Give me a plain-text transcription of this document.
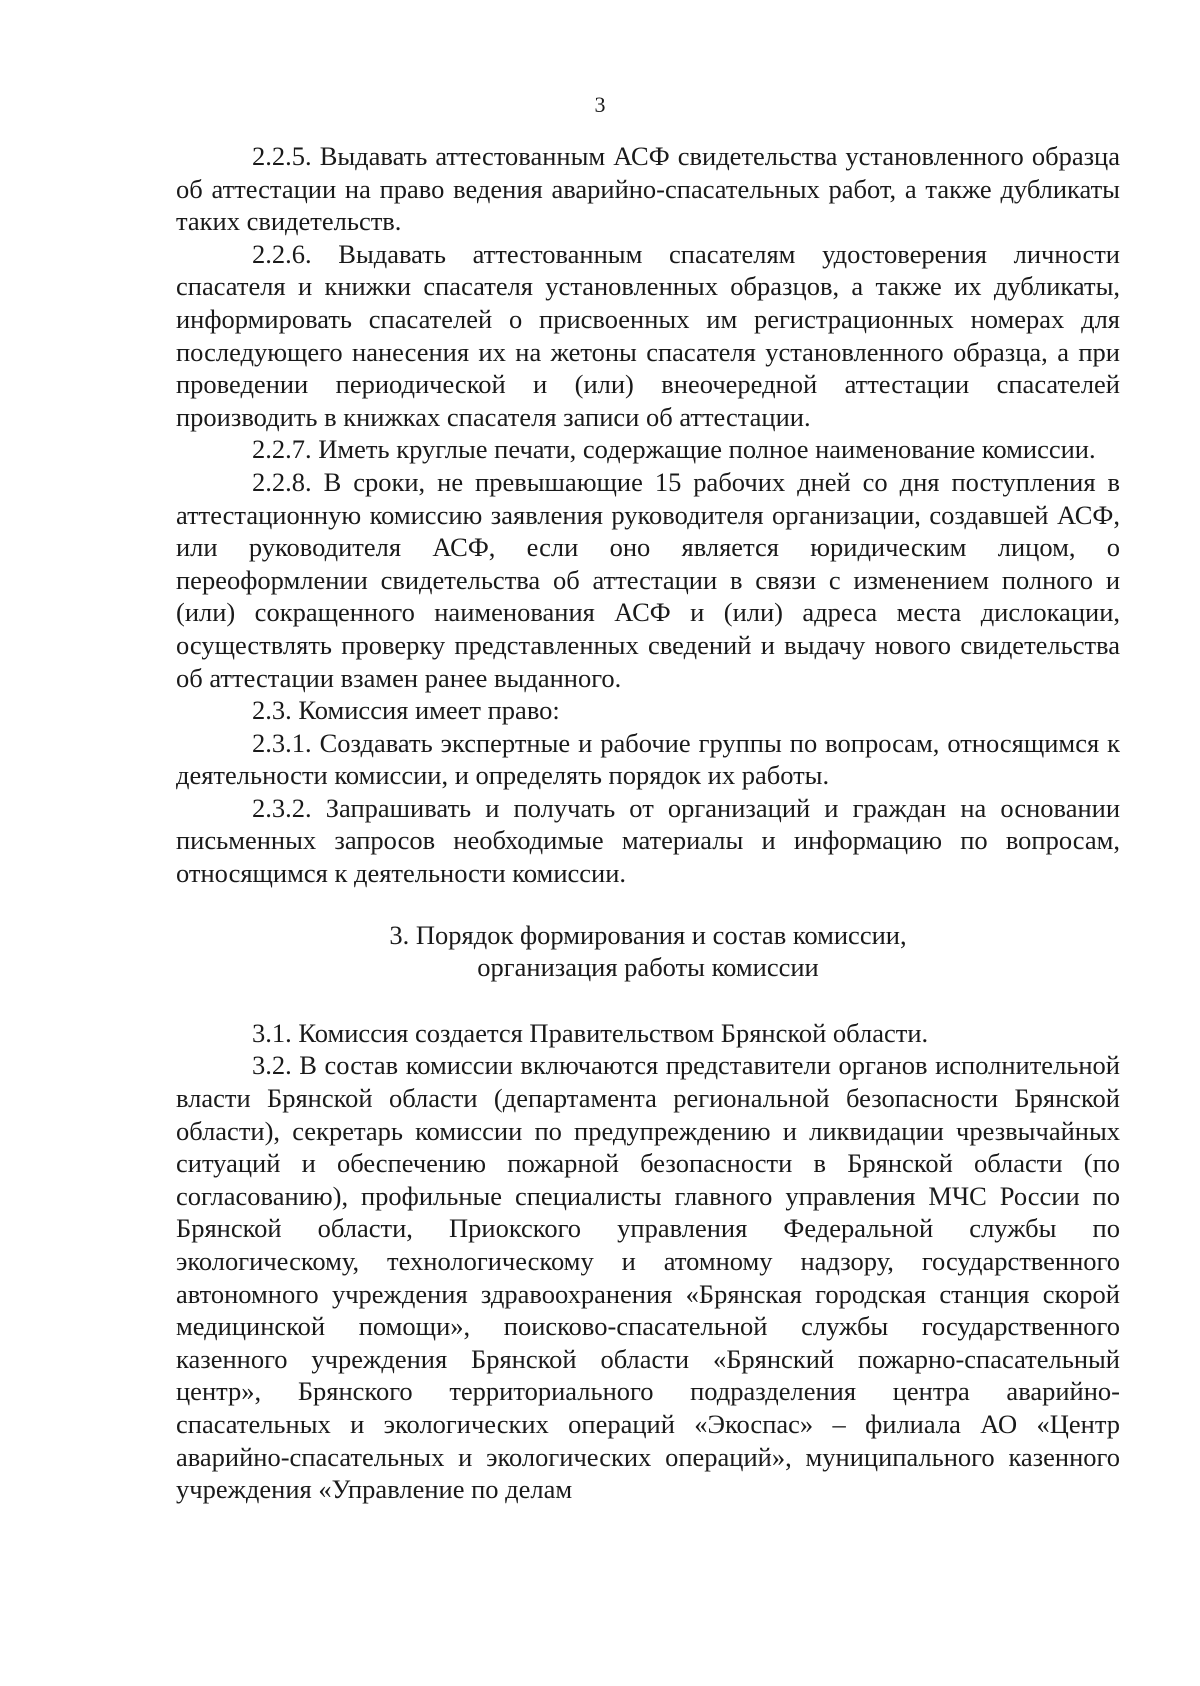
3

2.2.5. Выдавать аттестованным АСФ свидетельства установленного образца об аттестации на право ведения аварийно-спасательных работ, а также дубликаты таких свидетельств.

2.2.6. Выдавать аттестованным спасателям удостоверения личности спасателя и книжки спасателя установленных образцов, а также их дубликаты, информировать спасателей о присвоенных им регистрационных номерах для последующего нанесения их на жетоны спасателя установленного образца, а при проведении периодической и (или) внеочередной аттестации спасателей производить в книжках спасателя записи об аттестации.

2.2.7. Иметь круглые печати, содержащие полное наименование комиссии.

2.2.8. В сроки, не превышающие 15 рабочих дней со дня поступления в аттестационную комиссию заявления руководителя организации, создавшей АСФ, или руководителя АСФ, если оно является юридическим лицом, о переоформлении свидетельства об аттестации в связи с изменением полного и (или) сокращенного наименования АСФ и (или) адреса места дислокации, осуществлять проверку представленных сведений и выдачу нового свидетельства об аттестации взамен ранее выданного.

2.3. Комиссия имеет право:

2.3.1. Создавать экспертные и рабочие группы по вопросам, относящимся к деятельности комиссии, и определять порядок их работы.

2.3.2. Запрашивать и получать от организаций и граждан на основании письменных запросов необходимые материалы и информацию по вопросам, относящимся к деятельности комиссии.

3. Порядок формирования и состав комиссии,
организация работы комиссии

3.1. Комиссия создается Правительством Брянской области.

3.2. В состав комиссии включаются представители органов исполнительной власти Брянской области (департамента региональной безопасности Брянской области), секретарь комиссии по предупреждению и ликвидации чрезвычайных ситуаций и обеспечению пожарной безопасности в Брянской области (по согласованию), профильные специалисты главного управления МЧС России по Брянской области, Приокского управления Федеральной службы по экологическому, технологическому и атомному надзору, государственного автономного учреждения здравоохранения «Брянская городская станция скорой медицинской помощи», поисково-спасательной службы государственного казенного учреждения Брянской области «Брянский пожарно-спасательный центр», Брянского территориального подразделения центра аварийно-спасательных и экологических операций «Экоспас» – филиала АО «Центр аварийно-спасательных и экологических операций», муниципального казенного учреждения «Управление по делам
